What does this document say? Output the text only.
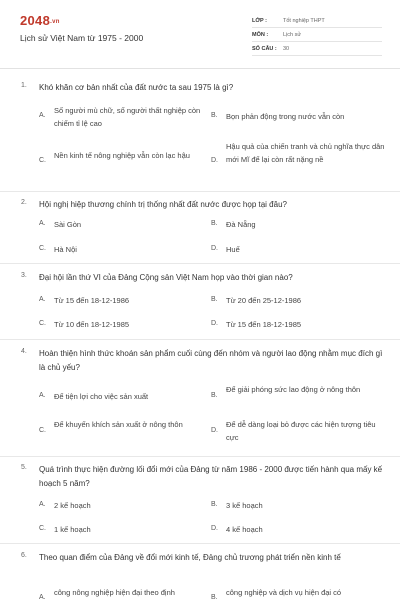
2048.vn
Lịch sử Việt Nam từ 1975 - 2000
LỚP :	Tốt nghiệp THPT
MÔN :	Lịch sử
SỐ CÂU : 30
1. Khó khăn cơ bản nhất của đất nước ta sau 1975 là gì?
A.
Số người mù chữ, số người thất nghiệp còn chiếm tỉ lệ cao
B. Bọn phản động trong nước vẫn còn
C.
Nền kinh tế nông nghiệp vẫn còn lạc hậu
D.
Hậu quả của chiến tranh và chủ nghĩa thực dân mới Mĩ để lại còn rất nặng nề
2. Hội nghị hiệp thương chính trị thống nhất đất nước được họp tại đâu?
A. Sài Gòn	B. Đà Nẵng
C. Hà Nội	D. Huế
3. Đại hội lần thứ VI của Đảng Cộng sản Việt Nam họp vào thời gian nào?
A. Từ 15 đến 18-12-1986	B. Từ 20 đến 25-12-1986
C. Từ 10 đến 18-12-1985	D. Từ 15 đến 18-12-1985
4. Hoàn thiện hình thức khoán sản phẩm cuối cùng đến nhóm và người lao động nhằm mục đích gì là chủ yếu?
A. Để tiện lợi cho việc sản xuất	B.
Để giải phóng sức lao động ở nông thôn
C.
Để khuyến khích sản xuất ở nông thôn
D.
Để dễ dàng loại bỏ được các hiện tượng tiêu cực
5. Quá trình thực hiện đường lối đổi mới của Đảng từ năm 1986 - 2000 được tiến hành qua mấy kế hoạch 5 năm?
A. 2 kế hoạch	B. 3 kế hoạch
C. 1 kế hoạch	D. 4 kế hoạch
6. Theo quan điểm của Đảng về đổi mới kinh tế, Đảng chủ trương phát triển nền kinh tế
A.
công nông nghiệp hiện đại theo định
B.
công nghiệp và dịch vụ hiện đại có
